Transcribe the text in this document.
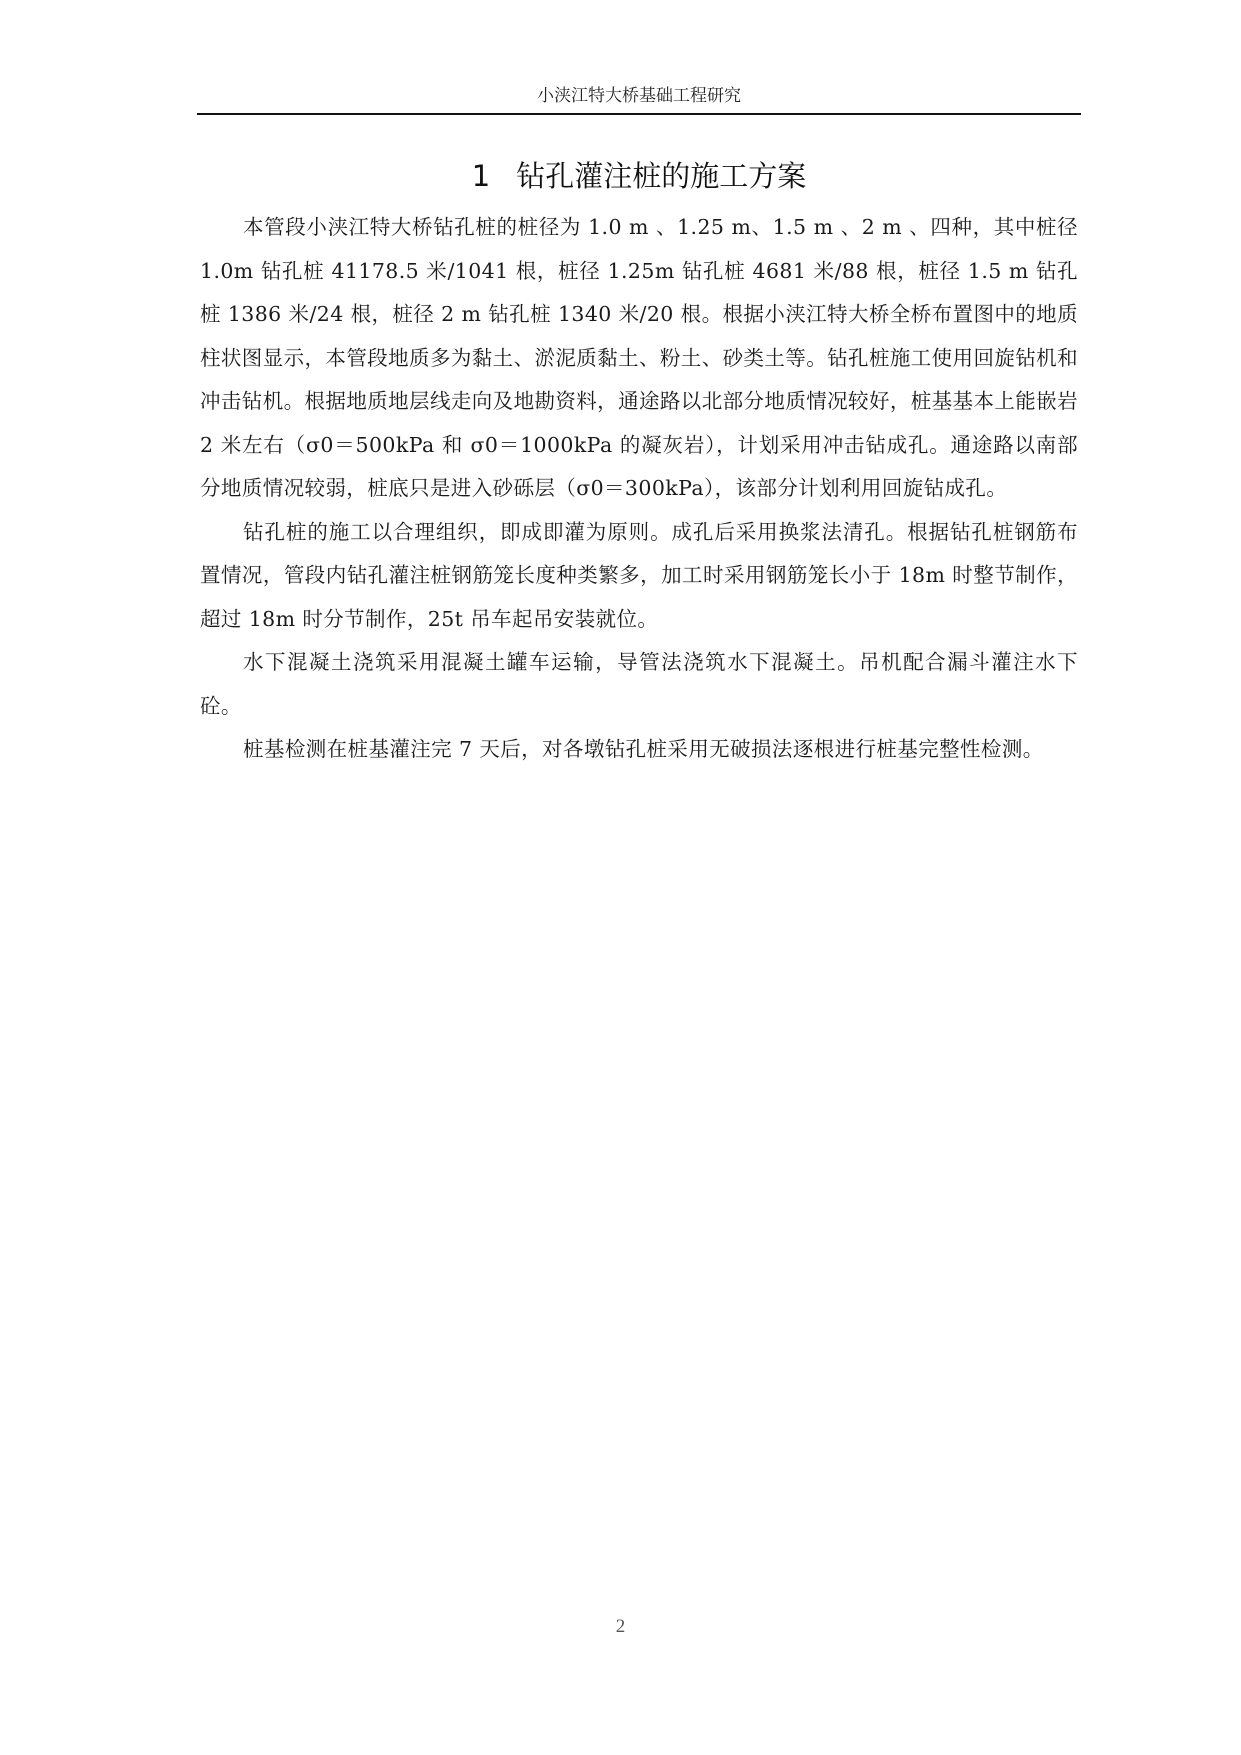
小浃江特大桥基础工程研究
1 钻孔灌注桩的施工方案

本管段小浃江特大桥钻孔桩的桩径为 1.0 m 、1.25 m、1.5 m 、2 m 、四种，其中桩径 1.0m 钻孔桩 41178.5 米/1041 根，桩径 1.25m 钻孔桩 4681 米/88 根，桩径 1.5 m 钻孔桩 1386 米/24 根，桩径 2 m 钻孔桩 1340 米/20 根。根据小浃江特大桥全桥布置图中的地质柱状图显示，本管段地质多为黏土、淤泥质黏土、粉土、砂类土等。钻孔桩施工使用回旋钻机和冲击钻机。根据地质地层线走向及地勘资料，通途路以北部分地质情况较好，桩基基本上能嵌岩 2 米左右（σ0＝500kPa 和 σ0＝1000kPa 的凝灰岩），计划采用冲击钻成孔。通途路以南部分地质情况较弱，桩底只是进入砂砾层（σ0＝300kPa），该部分计划利用回旋钻成孔。

钻孔桩的施工以合理组织，即成即灌为原则。成孔后采用换浆法清孔。根据钻孔桩钢筋布置情况，管段内钻孔灌注桩钢筋笼长度种类繁多，加工时采用钢筋笼长小于 18m 时整节制作，超过 18m 时分节制作，25t 吊车起吊安装就位。

水下混凝土浇筑采用混凝土罐车运输，导管法浇筑水下混凝土。吊机配合漏斗灌注水下砼。

桩基检测在桩基灌注完 7 天后，对各墩钻孔桩采用无破损法逐根进行桩基完整性检测。

2
